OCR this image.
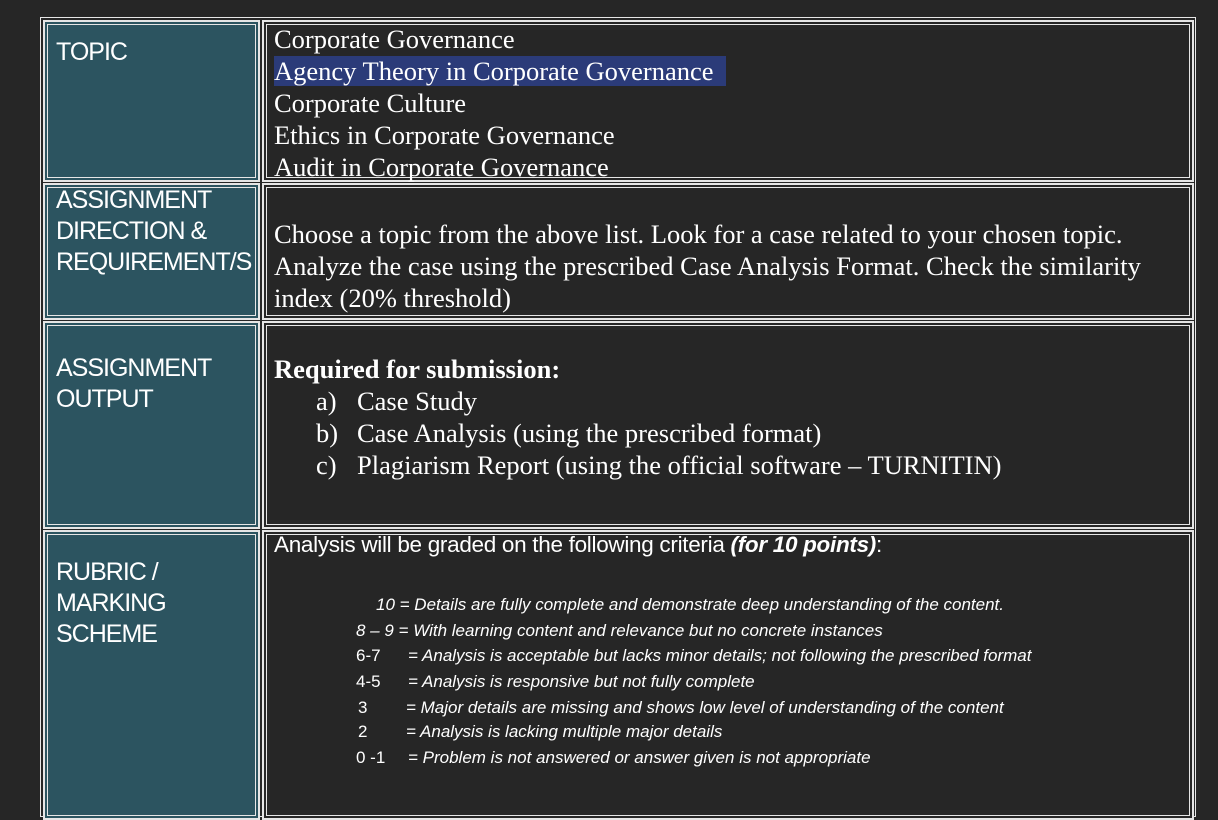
TOPIC	Corporate Governance
Agency Theory in Corporate Governance
Corporate Culture
Ethics in Corporate Governance
Audit in Corporate Governance
ASSIGNMENT
DIRECTION &
REQUIREMENT/S
Choose a topic from the above list. Look for a case related to your chosen topic.
Analyze the case using the prescribed Case Analysis Format. Check the similarity
index (20% threshold)
ASSIGNMENT
OUTPUT
Required for submission:
a) Case Study
b) Case Analysis (using the prescribed format)
c) Plagiarism Report (using the official software – TURNITIN)
RUBRIC /
MARKING
SCHEME
Analysis will be graded on the following criteria (for 10 points):
10 = Details are fully complete and demonstrate deep understanding of the content.
8 – 9 = With learning content and relevance but no concrete instances
6-7 = Analysis is acceptable but lacks minor details; not following the prescribed format
4-5 = Analysis is responsive but not fully complete
3 = Major details are missing and shows low level of understanding of the content
2 = Analysis is lacking multiple major details
0 -1 = Problem is not answered or answer given is not appropriate
